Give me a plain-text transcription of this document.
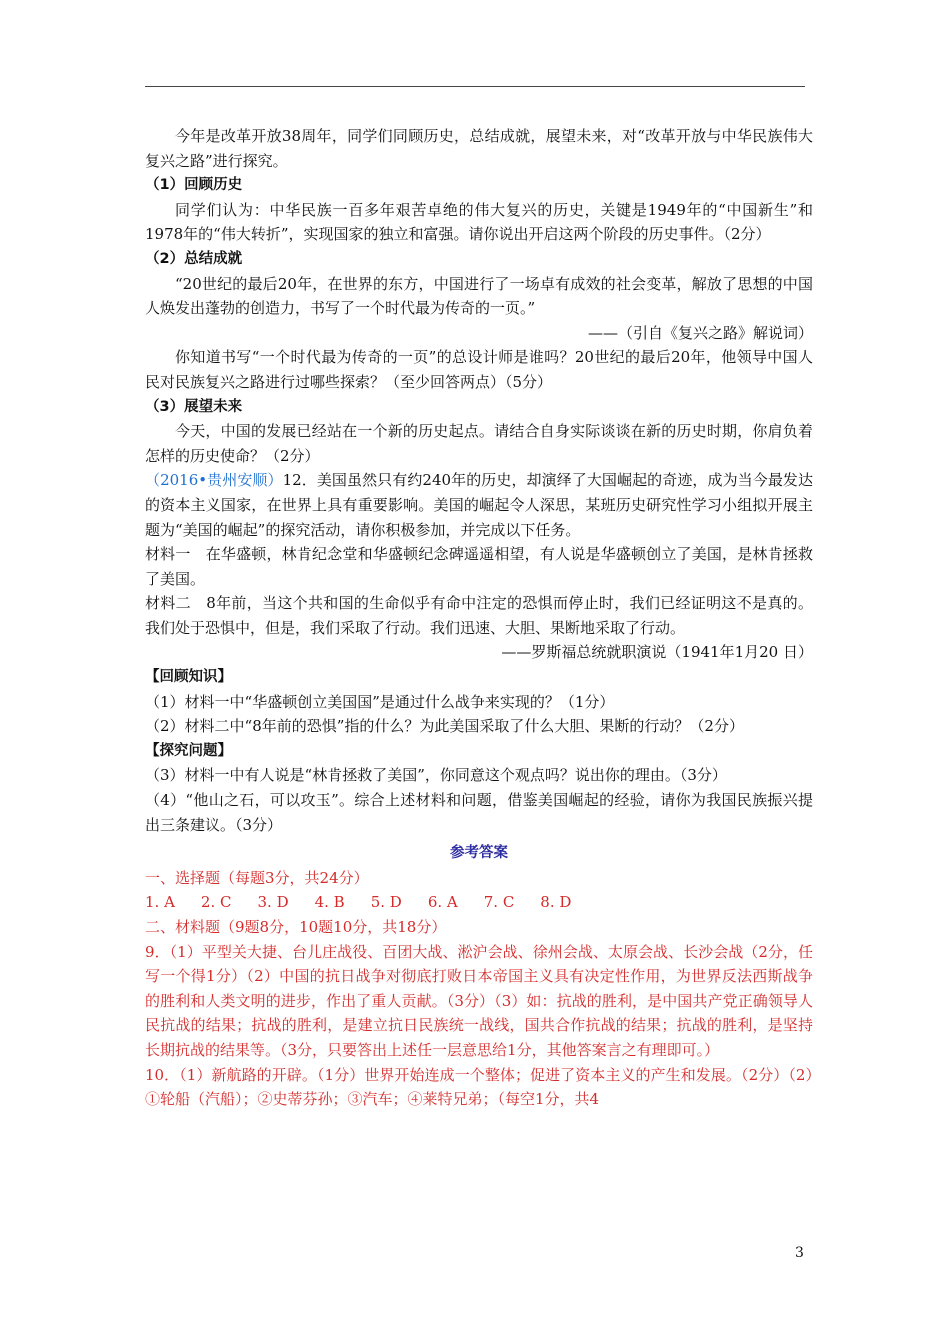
今年是改革开放38周年，同学们同顾历史，总结成就，展望未来，对“改革开放与中华民族伟大复兴之路”进行探究。

（1）回顾历史

同学们认为：中华民族一百多年艰苦卓绝的伟大复兴的历史，关键是1949年的“中国新生”和1978年的“伟大转折”，实现国家的独立和富强。请你说出开启这两个阶段的历史事件。（2分）

（2）总结成就

“20世纪的最后20年，在世界的东方，中国进行了一场卓有成效的社会变革，解放了思想的中国人焕发出蓬勃的创造力，书写了一个时代最为传奇的一页。”

——（引自《复兴之路》解说词）

你知道书写“一个时代最为传奇的一页”的总设计师是谁吗？20世纪的最后20年，他领导中国人民对民族复兴之路进行过哪些探索？（至少回答两点）（5分）

（3）展望未来

今天，中国的发展已经站在一个新的历史起点。请结合自身实际谈谈在新的历史时期，你肩负着怎样的历史使命？（2分）

（2016•贵州安顺）12．美国虽然只有约240年的历史，却演绎了大国崛起的奇迹，成为当今最发达的资本主义国家，在世界上具有重要影响。美国的崛起令人深思，某班历史研究性学习小组拟开展主题为“美国的崛起”的探究活动，请你积极参加，并完成以下任务。

材料一　在华盛顿，林肯纪念堂和华盛顿纪念碑遥遥相望，有人说是华盛顿创立了美国，是林肯拯救了美国。

材料二　8年前，当这个共和国的生命似乎有命中注定的恐惧而停止时，我们已经证明这不是真的。我们处于恐惧中，但是，我们采取了行动。我们迅速、大胆、果断地采取了行动。

——罗斯福总统就职演说（1941年1月20 日）

【回顾知识】

（1）材料一中“华盛顿创立美国国”是通过什么战争来实现的？（1分）

（2）材料二中“8年前的恐惧”指的什么？为此美国采取了什么大胆、果断的行动？（2分）

【探究问题】

（3）材料一中有人说是“林肯拯救了美国”，你同意这个观点吗？说出你的理由。（3分）

（4）“他山之石，可以攻玉”。综合上述材料和问题，借鉴美国崛起的经验，请你为我国民族振兴提出三条建议。（3分）

参考答案

一、选择题（每题3分，共24分）

1. A 2. C 3. D 4. B 5. D 6. A 7. C 8. D

二、材料题（9题8分，10题10分，共18分）

9．（1）平型关大捷、台儿庄战役、百团大战、淞沪会战、徐州会战、太原会战、长沙会战（2分，任写一个得1分）（2）中国的抗日战争对彻底打败日本帝国主义具有决定性作用，为世界反法西斯战争的胜利和人类文明的进步，作出了重人贡献。（3分）（3）如：抗战的胜利，是中国共产党正确领导人民抗战的结果；抗战的胜利，是建立抗日民族统一战线，国共合作抗战的结果；抗战的胜利，是坚持长期抗战的结果等。（3分，只要答出上述任一层意思给1分，其他答案言之有理即可。）

10．（1）新航路的开辟。（1分）世界开始连成一个整体；促进了资本主义的产生和发展。（2分）（2）①轮船（汽船）；②史蒂芬孙；③汽车；④莱特兄弟；（每空1分，共4

3
